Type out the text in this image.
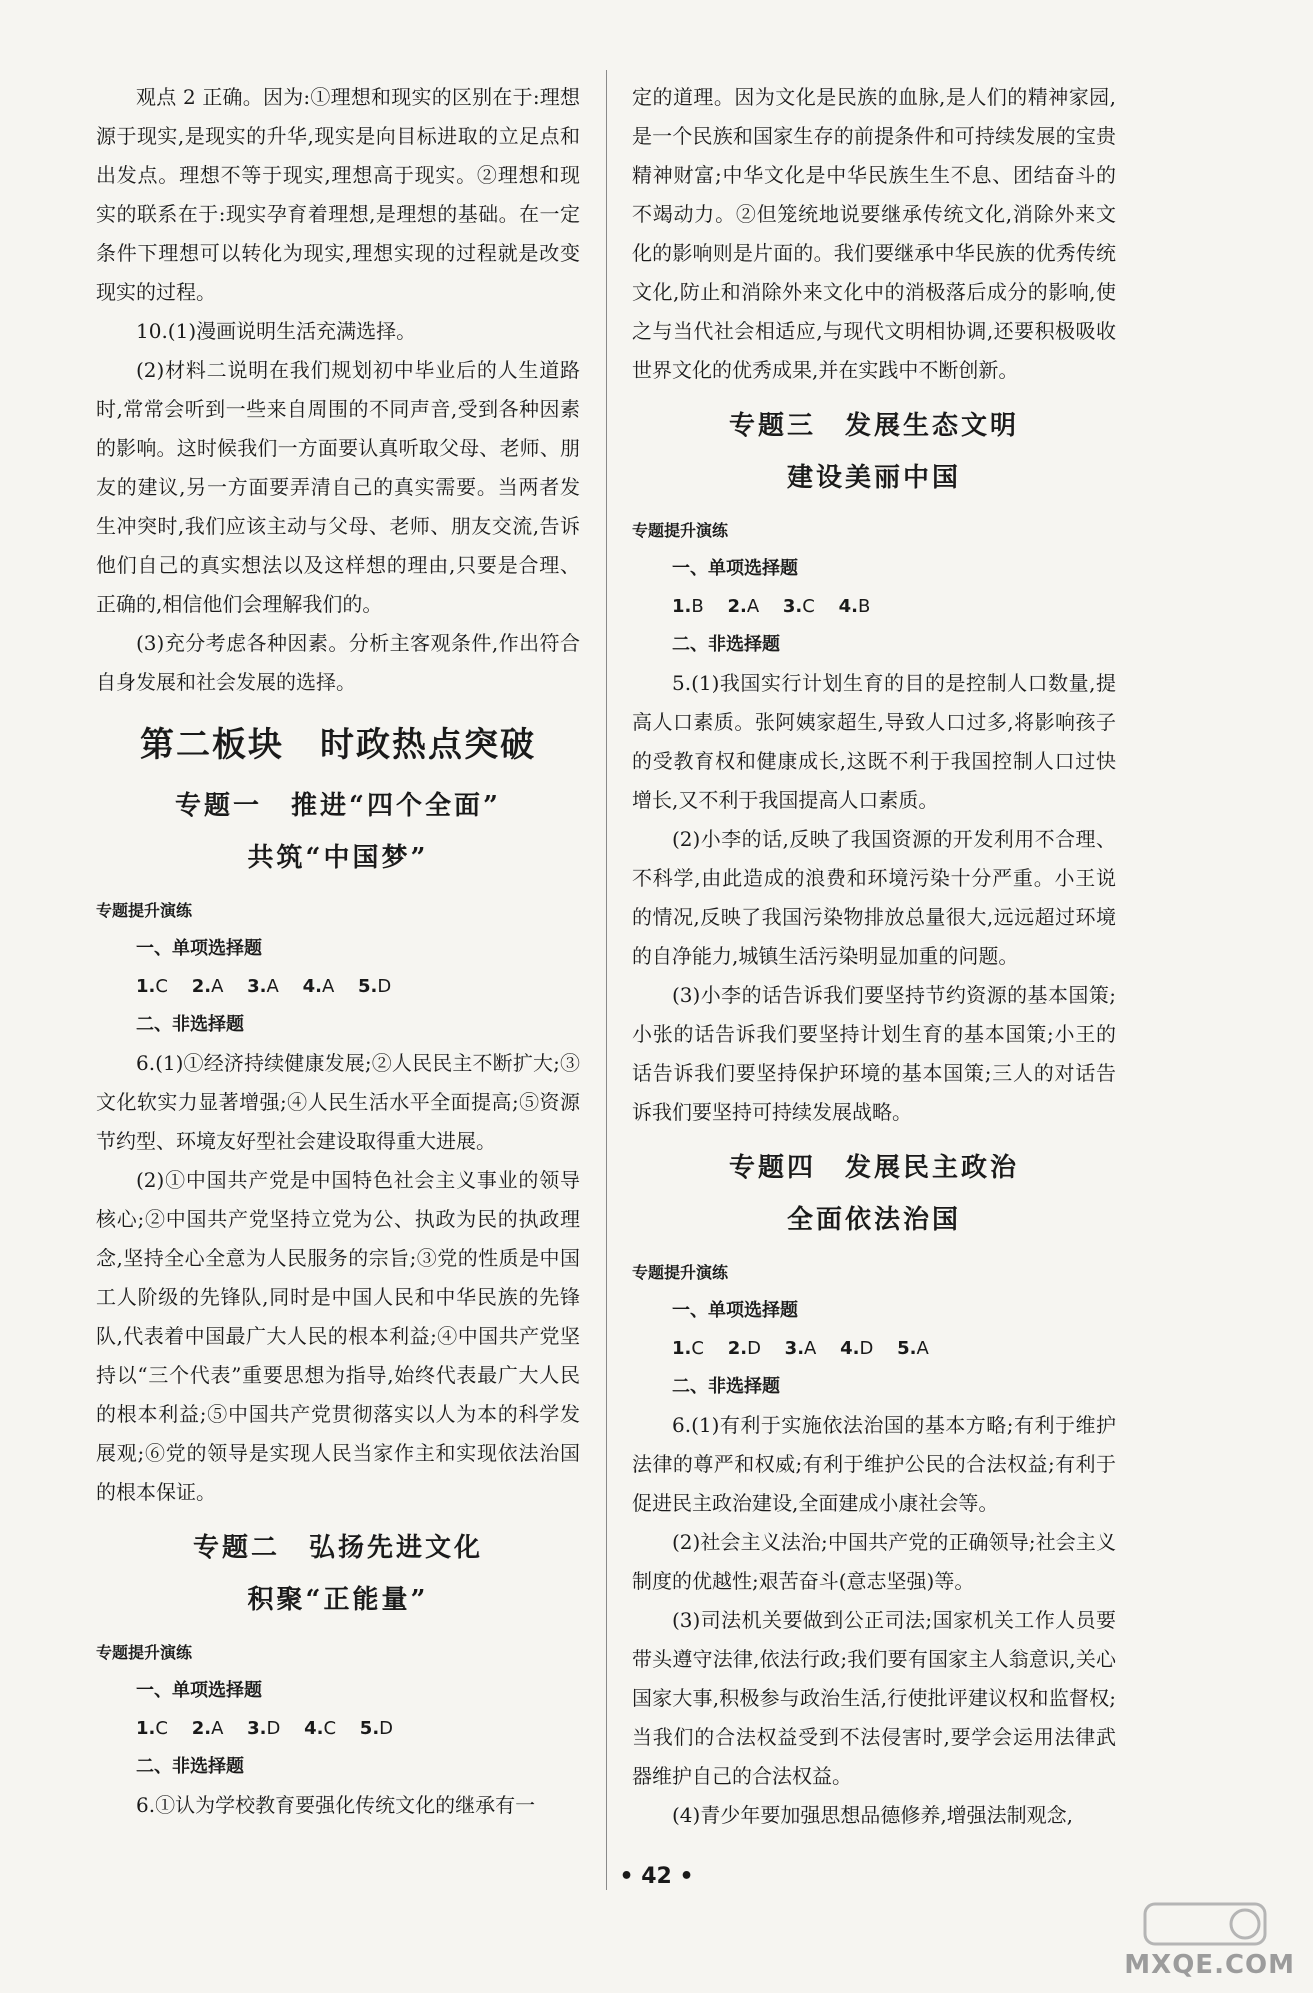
观点 2 正确。因为:①理想和现实的区别在于:理想源于现实,是现实的升华,现实是向目标进取的立足点和出发点。理想不等于现实,理想高于现实。②理想和现实的联系在于:现实孕育着理想,是理想的基础。在一定条件下理想可以转化为现实,理想实现的过程就是改变现实的过程。

10.(1)漫画说明生活充满选择。

(2)材料二说明在我们规划初中毕业后的人生道路时,常常会听到一些来自周围的不同声音,受到各种因素的影响。这时候我们一方面要认真听取父母、老师、朋友的建议,另一方面要弄清自己的真实需要。当两者发生冲突时,我们应该主动与父母、老师、朋友交流,告诉他们自己的真实想法以及这样想的理由,只要是合理、正确的,相信他们会理解我们的。

(3)充分考虑各种因素。分析主客观条件,作出符合自身发展和社会发展的选择。

第二板块　时政热点突破
专题一　推进“四个全面”
共筑“中国梦”
专题提升演练
一、单项选择题
1.C 2.A 3.A 4.A 5.D
二、非选择题

6.(1)①经济持续健康发展;②人民民主不断扩大;③文化软实力显著增强;④人民生活水平全面提高;⑤资源节约型、环境友好型社会建设取得重大进展。

(2)①中国共产党是中国特色社会主义事业的领导核心;②中国共产党坚持立党为公、执政为民的执政理念,坚持全心全意为人民服务的宗旨;③党的性质是中国工人阶级的先锋队,同时是中国人民和中华民族的先锋队,代表着中国最广大人民的根本利益;④中国共产党坚持以“三个代表”重要思想为指导,始终代表最广大人民的根本利益;⑤中国共产党贯彻落实以人为本的科学发展观;⑥党的领导是实现人民当家作主和实现依法治国的根本保证。

专题二　弘扬先进文化
积聚“正能量”
专题提升演练
一、单项选择题
1.C 2.A 3.D 4.C 5.D
二、非选择题

6.①认为学校教育要强化传统文化的继承有一

定的道理。因为文化是民族的血脉,是人们的精神家园,是一个民族和国家生存的前提条件和可持续发展的宝贵精神财富;中华文化是中华民族生生不息、团结奋斗的不竭动力。②但笼统地说要继承传统文化,消除外来文化的影响则是片面的。我们要继承中华民族的优秀传统文化,防止和消除外来文化中的消极落后成分的影响,使之与当代社会相适应,与现代文明相协调,还要积极吸收世界文化的优秀成果,并在实践中不断创新。

专题三　发展生态文明
建设美丽中国
专题提升演练
一、单项选择题
1.B 2.A 3.C 4.B
二、非选择题

5.(1)我国实行计划生育的目的是控制人口数量,提高人口素质。张阿姨家超生,导致人口过多,将影响孩子的受教育权和健康成长,这既不利于我国控制人口过快增长,又不利于我国提高人口素质。

(2)小李的话,反映了我国资源的开发利用不合理、不科学,由此造成的浪费和环境污染十分严重。小王说的情况,反映了我国污染物排放总量很大,远远超过环境的自净能力,城镇生活污染明显加重的问题。

(3)小李的话告诉我们要坚持节约资源的基本国策;小张的话告诉我们要坚持计划生育的基本国策;小王的话告诉我们要坚持保护环境的基本国策;三人的对话告诉我们要坚持可持续发展战略。

专题四　发展民主政治
全面依法治国
专题提升演练
一、单项选择题
1.C 2.D 3.A 4.D 5.A
二、非选择题

6.(1)有利于实施依法治国的基本方略;有利于维护法律的尊严和权威;有利于维护公民的合法权益;有利于促进民主政治建设,全面建成小康社会等。

(2)社会主义法治;中国共产党的正确领导;社会主义制度的优越性;艰苦奋斗(意志坚强)等。

(3)司法机关要做到公正司法;国家机关工作人员要带头遵守法律,依法行政;我们要有国家主人翁意识,关心国家大事,积极参与政治生活,行使批评建议权和监督权;当我们的合法权益受到不法侵害时,要学会运用法律武器维护自己的合法权益。

(4)青少年要加强思想品德修养,增强法制观念,

• 42 •
MXQE.COM
